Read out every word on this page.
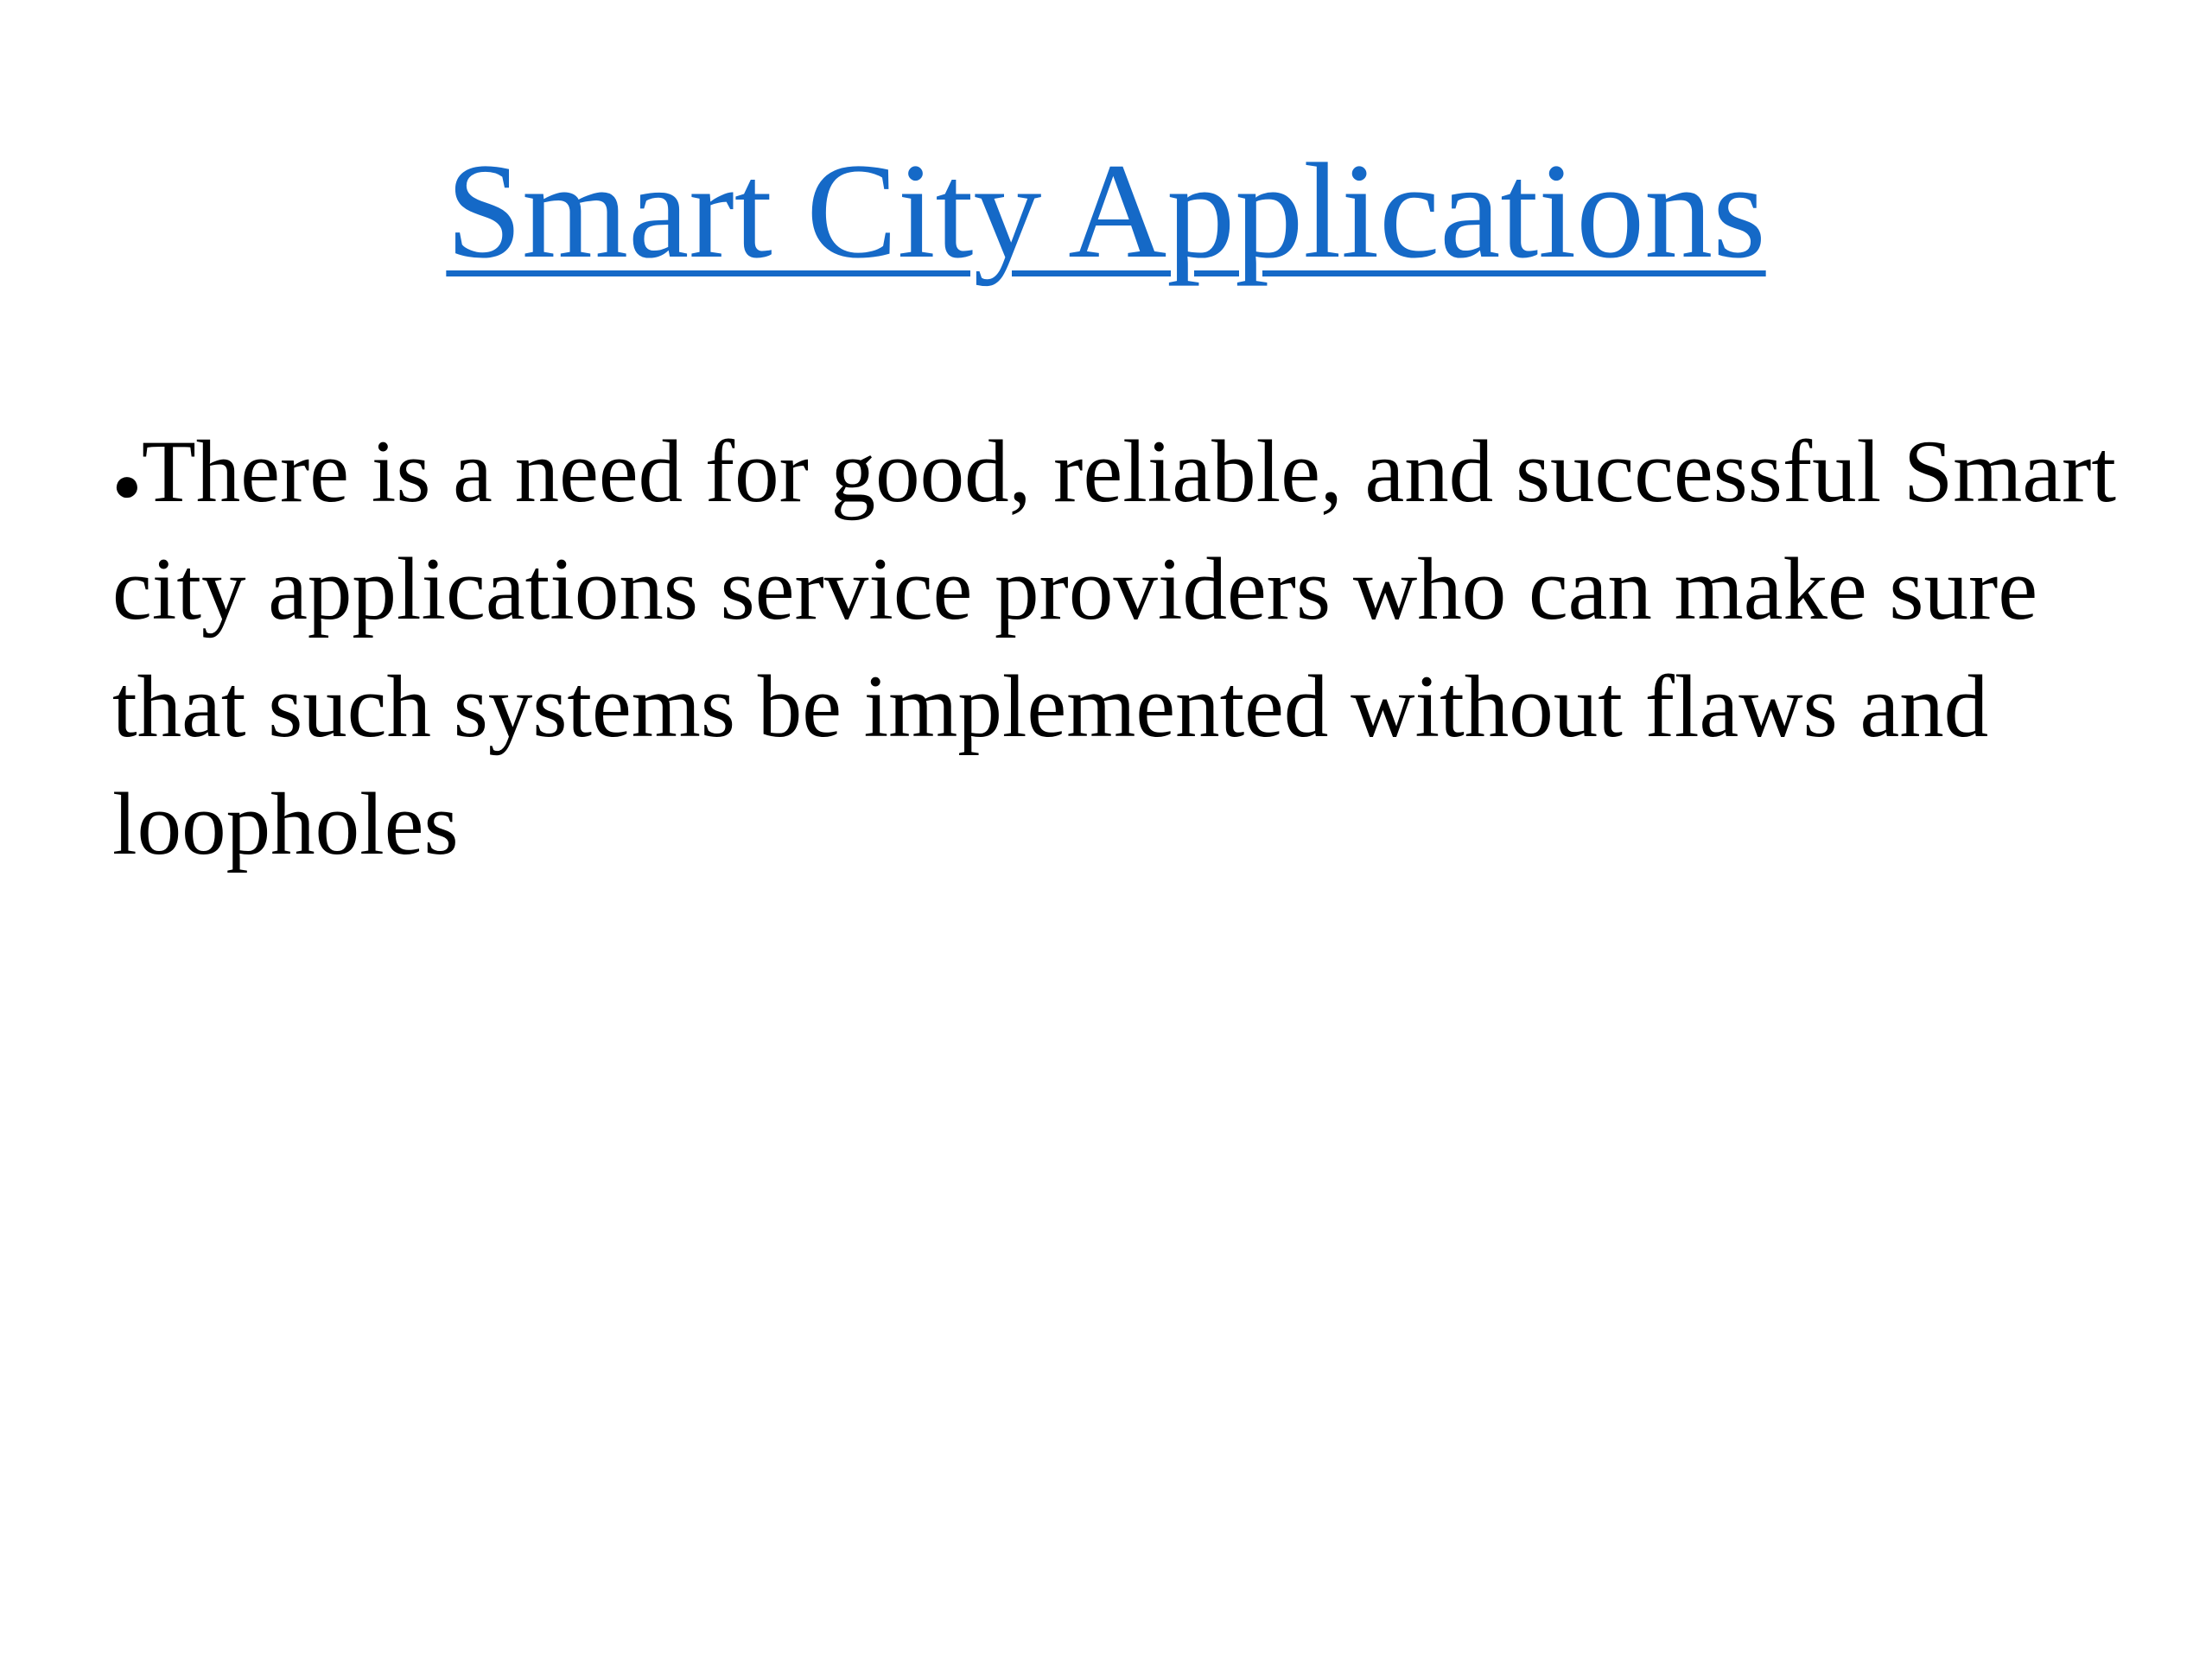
Smart City Applications
●There is a need for good, reliable, and successful Smart city applications service providers who can make sure that such systems be implemented without flaws and loopholes
